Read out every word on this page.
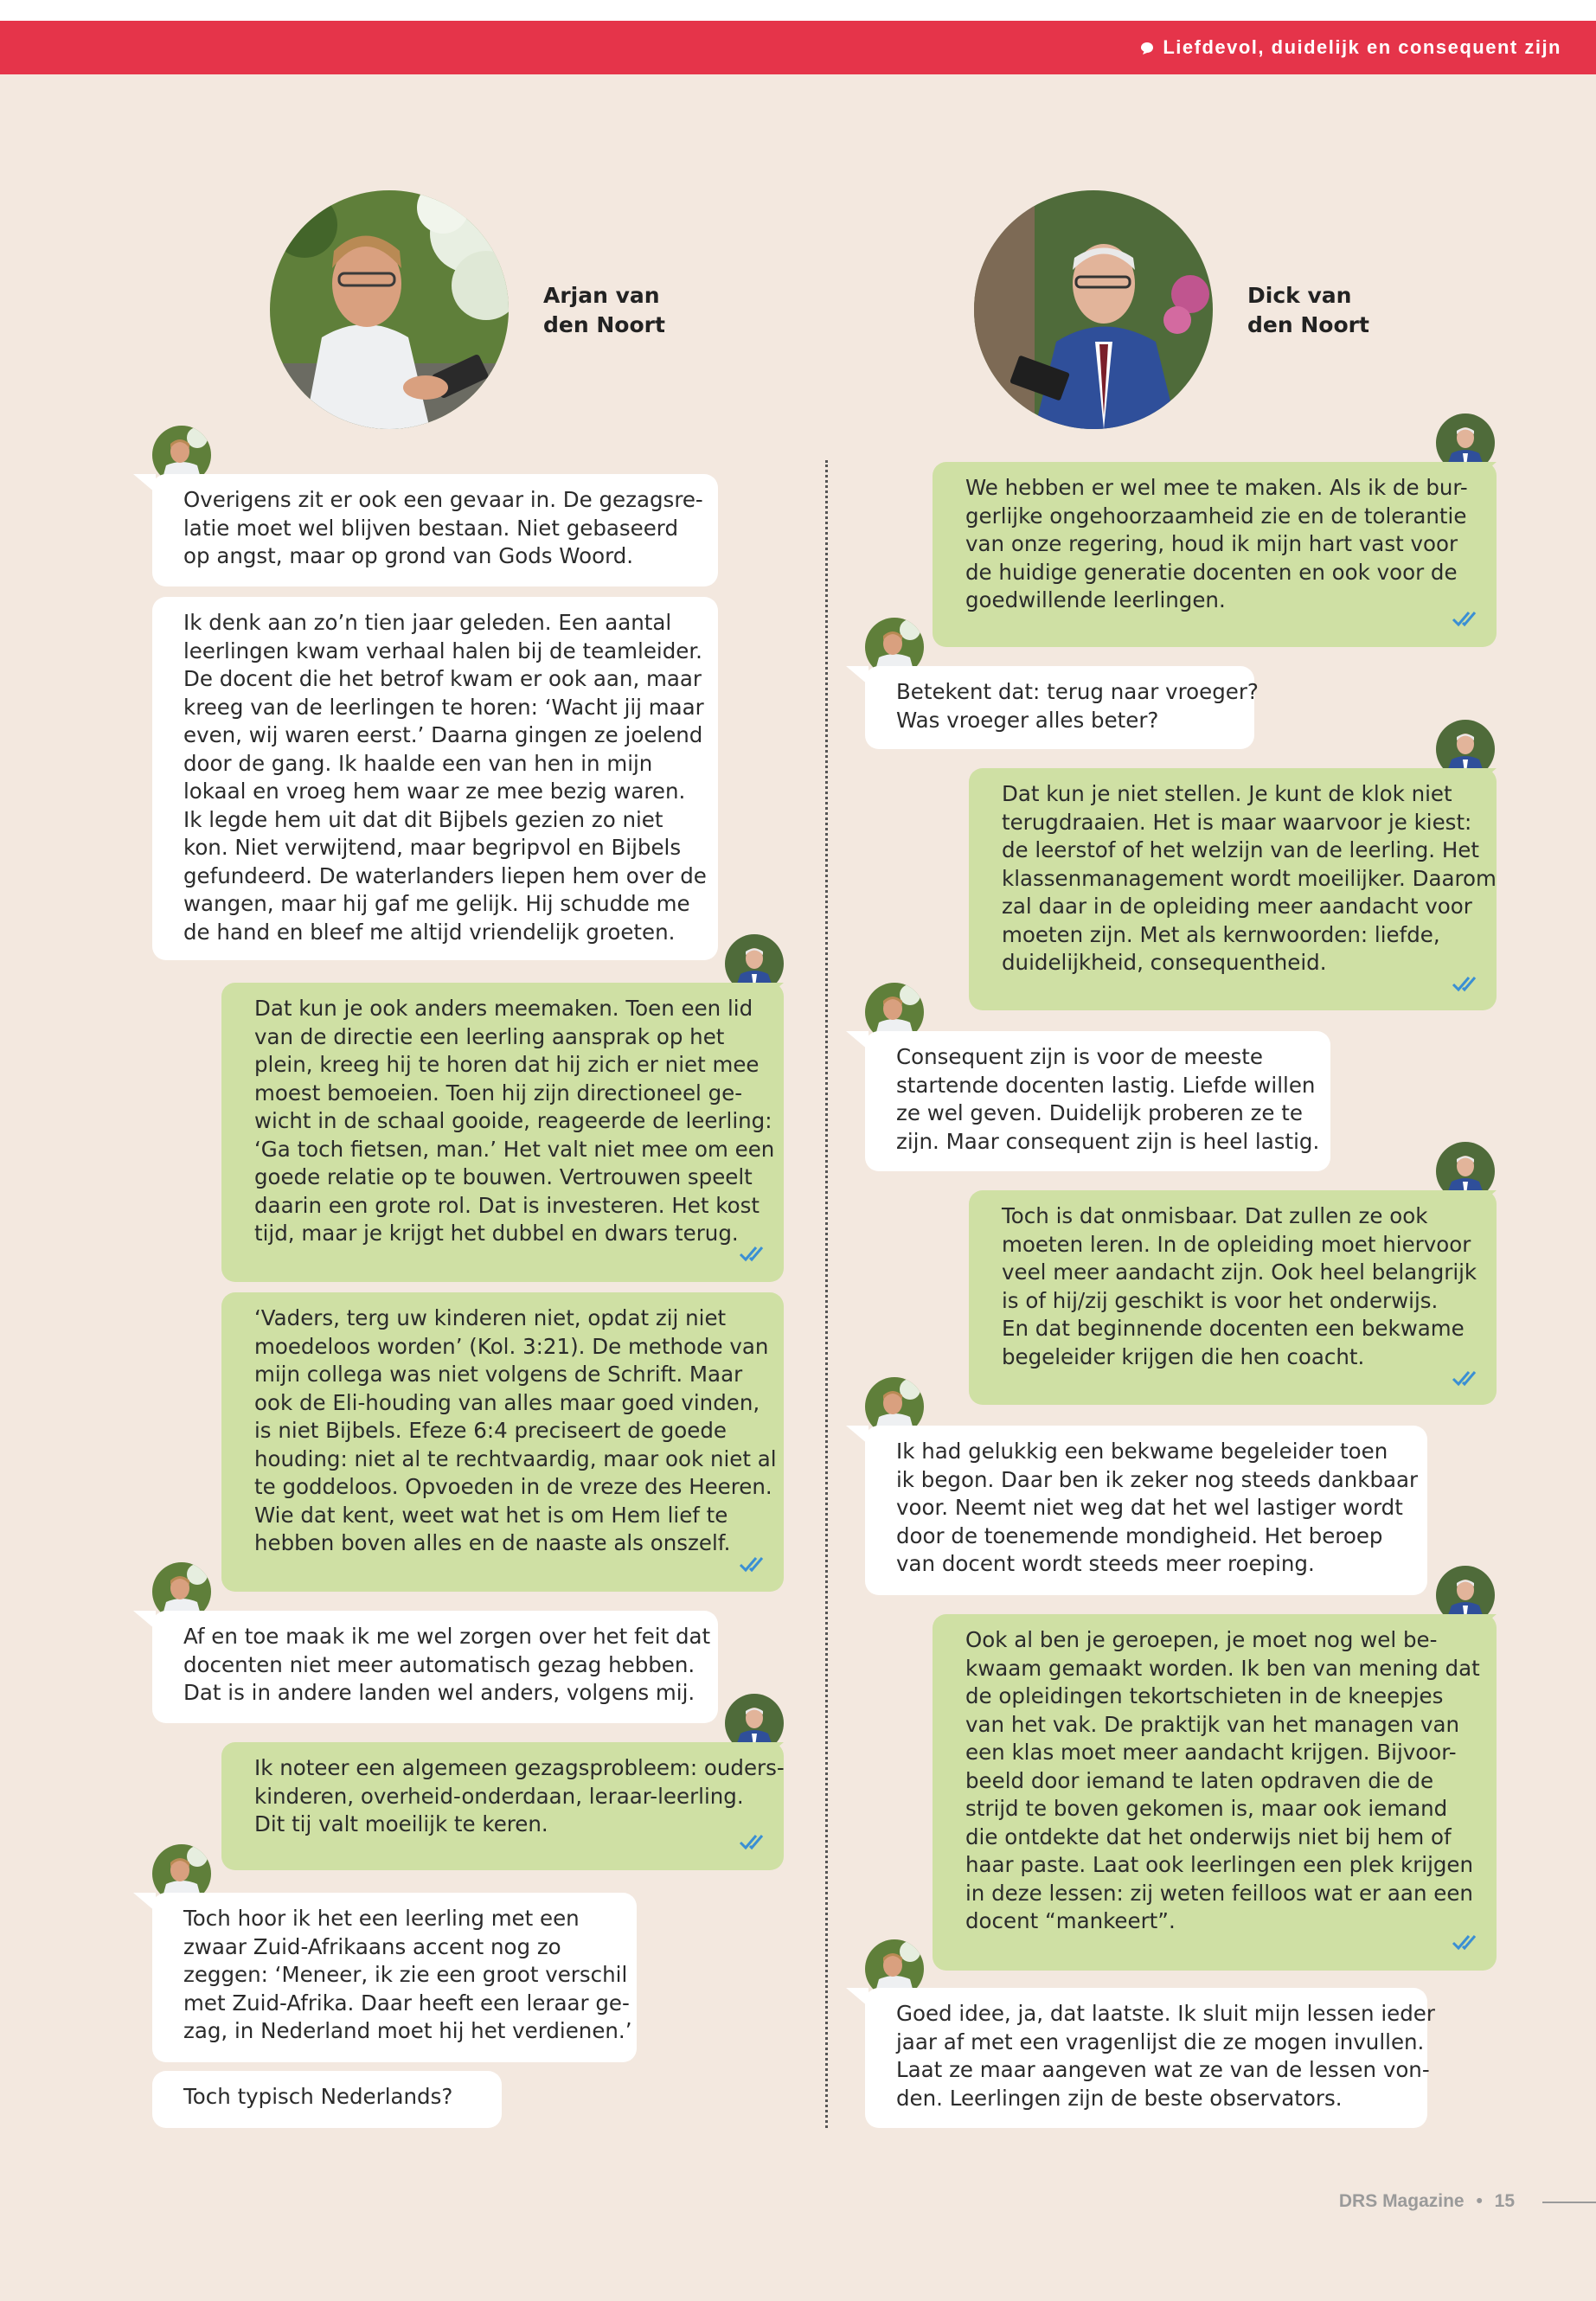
Liefdevol, duidelijk en consequent zijn
Arjan van
den Noort
Dick van
den Noort
Overigens zit er ook een gevaar in. De gezagsre-
latie moet wel blijven bestaan. Niet gebaseerd
op angst, maar op grond van Gods Woord.
Ik denk aan zo’n tien jaar geleden. Een aantal
leerlingen kwam verhaal halen bij de teamleider.
De docent die het betrof kwam er ook aan, maar
kreeg van de leerlingen te horen: ‘Wacht jij maar
even, wij waren eerst.’ Daarna gingen ze joelend
door de gang. Ik haalde een van hen in mijn
lokaal en vroeg hem waar ze mee bezig waren.
Ik legde hem uit dat dit Bijbels gezien zo niet
kon. Niet verwijtend, maar begripvol en Bijbels
gefundeerd. De waterlanders liepen hem over de
wangen, maar hij gaf me gelijk. Hij schudde me
de hand en bleef me altijd vriendelijk groeten.
Dat kun je ook anders meemaken. Toen een lid
van de directie een leerling aansprak op het
plein, kreeg hij te horen dat hij zich er niet mee
moest bemoeien. Toen hij zijn directioneel ge-
wicht in de schaal gooide, reageerde de leerling:
‘Ga toch fietsen, man.’ Het valt niet mee om een
goede relatie op te bouwen. Vertrouwen speelt
daarin een grote rol. Dat is investeren. Het kost
tijd, maar je krijgt het dubbel en dwars terug.
‘Vaders, terg uw kinderen niet, opdat zij niet
moedeloos worden’ (Kol. 3:21). De methode van
mijn collega was niet volgens de Schrift. Maar
ook de Eli-houding van alles maar goed vinden,
is niet Bijbels. Efeze 6:4 preciseert de goede
houding: niet al te rechtvaardig, maar ook niet al
te goddeloos. Opvoeden in de vreze des Heeren.
Wie dat kent, weet wat het is om Hem lief te
hebben boven alles en de naaste als onszelf.
Af en toe maak ik me wel zorgen over het feit dat
docenten niet meer automatisch gezag hebben.
Dat is in andere landen wel anders, volgens mij.
Ik noteer een algemeen gezagsprobleem: ouders-
kinderen, overheid-onderdaan, leraar-leerling.
Dit tij valt moeilijk te keren.
Toch hoor ik het een leerling met een
zwaar Zuid-Afrikaans accent nog zo
zeggen: ‘Meneer, ik zie een groot verschil
met Zuid-Afrika. Daar heeft een leraar ge-
zag, in Nederland moet hij het verdienen.’
Toch typisch Nederlands?
We hebben er wel mee te maken. Als ik de bur-
gerlijke ongehoorzaamheid zie en de tolerantie
van onze regering, houd ik mijn hart vast voor
de huidige generatie docenten en ook voor de
goedwillende leerlingen.
Betekent dat: terug naar vroeger?
Was vroeger alles beter?
Dat kun je niet stellen. Je kunt de klok niet
terugdraaien. Het is maar waarvoor je kiest:
de leerstof of het welzijn van de leerling. Het
klassenmanagement wordt moeilijker. Daarom
zal daar in de opleiding meer aandacht voor
moeten zijn. Met als kernwoorden: liefde,
duidelijkheid, consequentheid.
Consequent zijn is voor de meeste
startende docenten lastig. Liefde willen
ze wel geven. Duidelijk proberen ze te
zijn. Maar consequent zijn is heel lastig.
Toch is dat onmisbaar. Dat zullen ze ook
moeten leren. In de opleiding moet hiervoor
veel meer aandacht zijn. Ook heel belangrijk
is of hij/zij geschikt is voor het onderwijs.
En dat beginnende docenten een bekwame
begeleider krijgen die hen coacht.
Ik had gelukkig een bekwame begeleider toen
ik begon. Daar ben ik zeker nog steeds dankbaar
voor. Neemt niet weg dat het wel lastiger wordt
door de toenemende mondigheid. Het beroep
van docent wordt steeds meer roeping.
Ook al ben je geroepen, je moet nog wel be-
kwaam gemaakt worden. Ik ben van mening dat
de opleidingen tekortschieten in de kneepjes
van het vak. De praktijk van het managen van
een klas moet meer aandacht krijgen. Bijvoor-
beeld door iemand te laten opdraven die de
strijd te boven gekomen is, maar ook iemand
die ontdekte dat het onderwijs niet bij hem of
haar paste. Laat ook leerlingen een plek krijgen
in deze lessen: zij weten feilloos wat er aan een
docent “mankeert”.
Goed idee, ja, dat laatste. Ik sluit mijn lessen ieder
jaar af met een vragenlijst die ze mogen invullen.
Laat ze maar aangeven wat ze van de lessen von-
den. Leerlingen zijn de beste observators.
DRS Magazine • 15
